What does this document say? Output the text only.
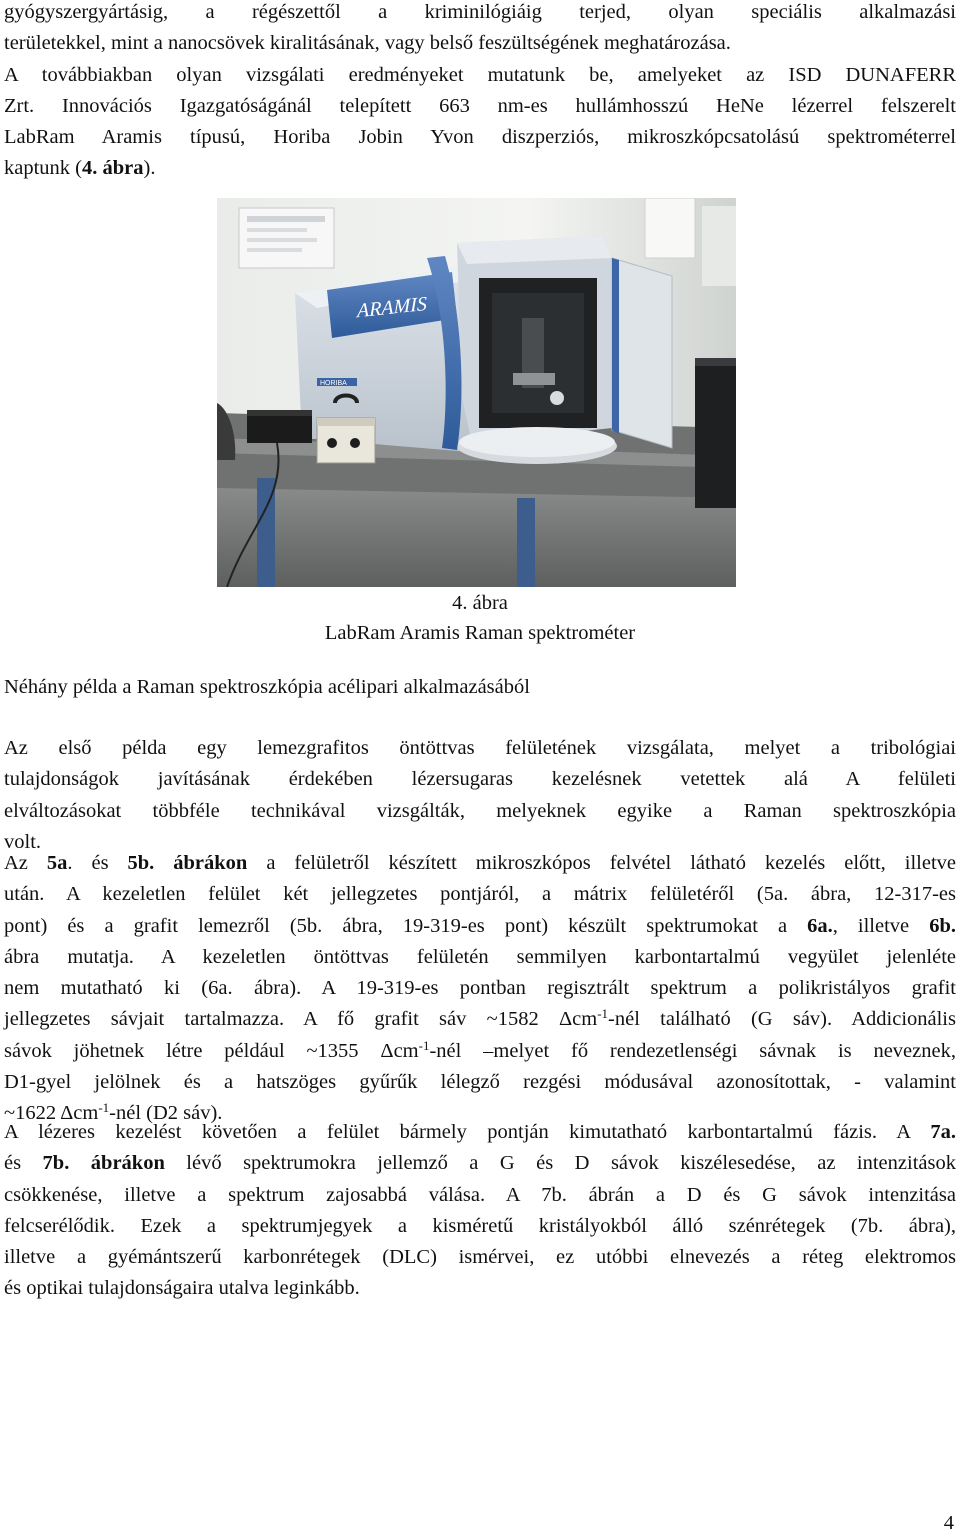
gyógyszergyártásig, a régészettől a kriminilógiáig terjed, olyan speciális alkalmazási
területekkel, mint a nanocsövek kiralitásának, vagy belső feszültségének meghatározása.
A továbbiakban olyan vizsgálati eredményeket mutatunk be, amelyeket az ISD DUNAFERR
Zrt. Innovációs Igazgatóságánál telepített 663 nm-es hullámhosszú HeNe lézerrel felszerelt
LabRam Aramis típusú, Horiba Jobin Yvon diszperziós, mikroszkópcsatolású spektrométerrel
kaptunk (4. ábra).
ARAMIS
HORIBA
4. ábra
LabRam Aramis Raman spektrométer
Néhány példa a Raman spektroszkópia acélipari alkalmazásából
Az első példa egy lemezgrafitos öntöttvas felületének vizsgálata, melyet a tribológiai
tulajdonságok javításának érdekében lézersugaras kezelésnek vetettek alá A felületi
elváltozásokat többféle technikával vizsgálták, melyeknek egyike a Raman spektroszkópia
volt.
Az 5a. és 5b. ábrákon a felületről készített mikroszkópos felvétel látható kezelés előtt, illetve
után. A kezeletlen felület két jellegzetes pontjáról, a mátrix felületéről (5a. ábra, 12-317-es
pont) és a grafit lemezről (5b. ábra, 19-319-es pont) készült spektrumokat a 6a., illetve 6b.
ábra mutatja. A kezeletlen öntöttvas felületén semmilyen karbontartalmú vegyület jelenléte
nem mutatható ki (6a. ábra). A 19-319-es pontban regisztrált spektrum a polikristályos grafit
jellegzetes sávjait tartalmazza. A fő grafit sáv ~1582 Δcm$^{-1}$-nél található (G sáv). Addicionális
sávok jöhetnek létre például ~1355 Δcm$^{-1}$-nél –melyet fő rendezetlenségi sávnak is neveznek,
D1-gyel jelölnek és a hatszöges gyűrűk lélegző rezgési módusával azonosítottak, - valamint
~1622 Δcm$^{-1}$-nél (D2 sáv).
A lézeres kezelést követően a felület bármely pontján kimutatható karbontartalmú fázis. A 7a.
és 7b. ábrákon lévő spektrumokra jellemző a G és D sávok kiszélesedése, az intenzitások
csökkenése, illetve a spektrum zajosabbá válása. A 7b. ábrán a D és G sávok intenzitása
felcserélődik. Ezek a spektrumjegyek a kisméretű kristályokból álló szénrétegek (7b. ábra),
illetve a gyémántszerű karbonrétegek (DLC) ismérvei, ez utóbbi elnevezés a réteg elektromos
és optikai tulajdonságaira utalva leginkább.
4
